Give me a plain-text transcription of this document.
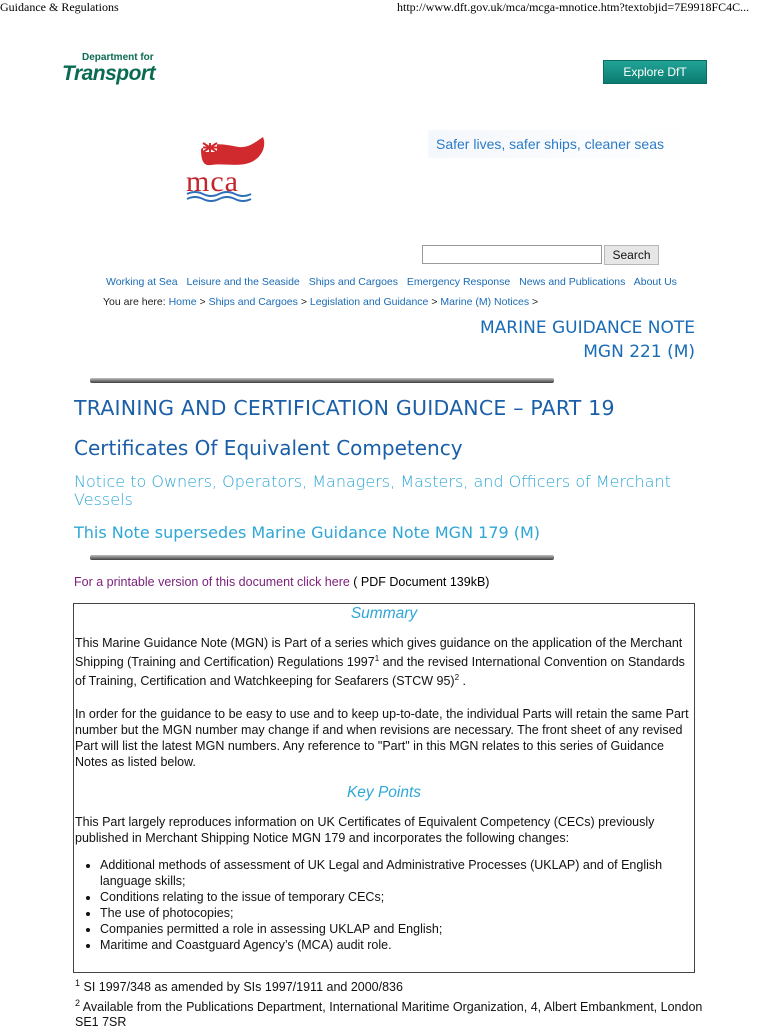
Guidance & Regulations	http://www.dft.gov.uk/mca/mcga-mnotice.htm?textobjid=7E9918FC4C...
Department for
Transport	Explore DfT
mca
Safer lives, safer ships, cleaner seas
Search
Working at Sea Leisure and the Seaside Ships and Cargoes Emergency Response News and Publications About Us
You are here: Home > Ships and Cargoes > Legislation and Guidance > Marine (M) Notices >
MARINE GUIDANCE NOTE
MGN 221 (M)
TRAINING AND CERTIFICATION GUIDANCE – PART 19
Certificates Of Equivalent Competency
Notice to Owners, Operators, Managers, Masters, and Officers of Merchant Vessels
This Note supersedes Marine Guidance Note MGN 179 (M)
For a printable version of this document click here ( PDF Document 139kB)
Summary
This Marine Guidance Note (MGN) is Part of a series which gives guidance on the application of the Merchant Shipping (Training and Certification) Regulations 1997$^1$ and the revised International Convention on Standards of Training, Certification and Watchkeeping for Seafarers (STCW 95)$^2$ .
In order for the guidance to be easy to use and to keep up-to-date, the individual Parts will retain the same Part number but the MGN number may change if and when revisions are necessary. The front sheet of any revised Part will list the latest MGN numbers. Any reference to "Part" in this MGN relates to this series of Guidance Notes as listed below.
Key Points
This Part largely reproduces information on UK Certificates of Equivalent Competency (CECs) previously published in Merchant Shipping Notice MGN 179 and incorporates the following changes:
• Additional methods of assessment of UK Legal and Administrative Processes (UKLAP) and of English language skills;
• Conditions relating to the issue of temporary CECs;
• The use of photocopies;
• Companies permitted a role in assessing UKLAP and English;
• Maritime and Coastguard Agency’s (MCA) audit role.
$^1$ SI 1997/348 as amended by SIs 1997/1911 and 2000/836
$^2$ Available from the Publications Department, International Maritime Organization, 4, Albert Embankment, London SE1 7SR
